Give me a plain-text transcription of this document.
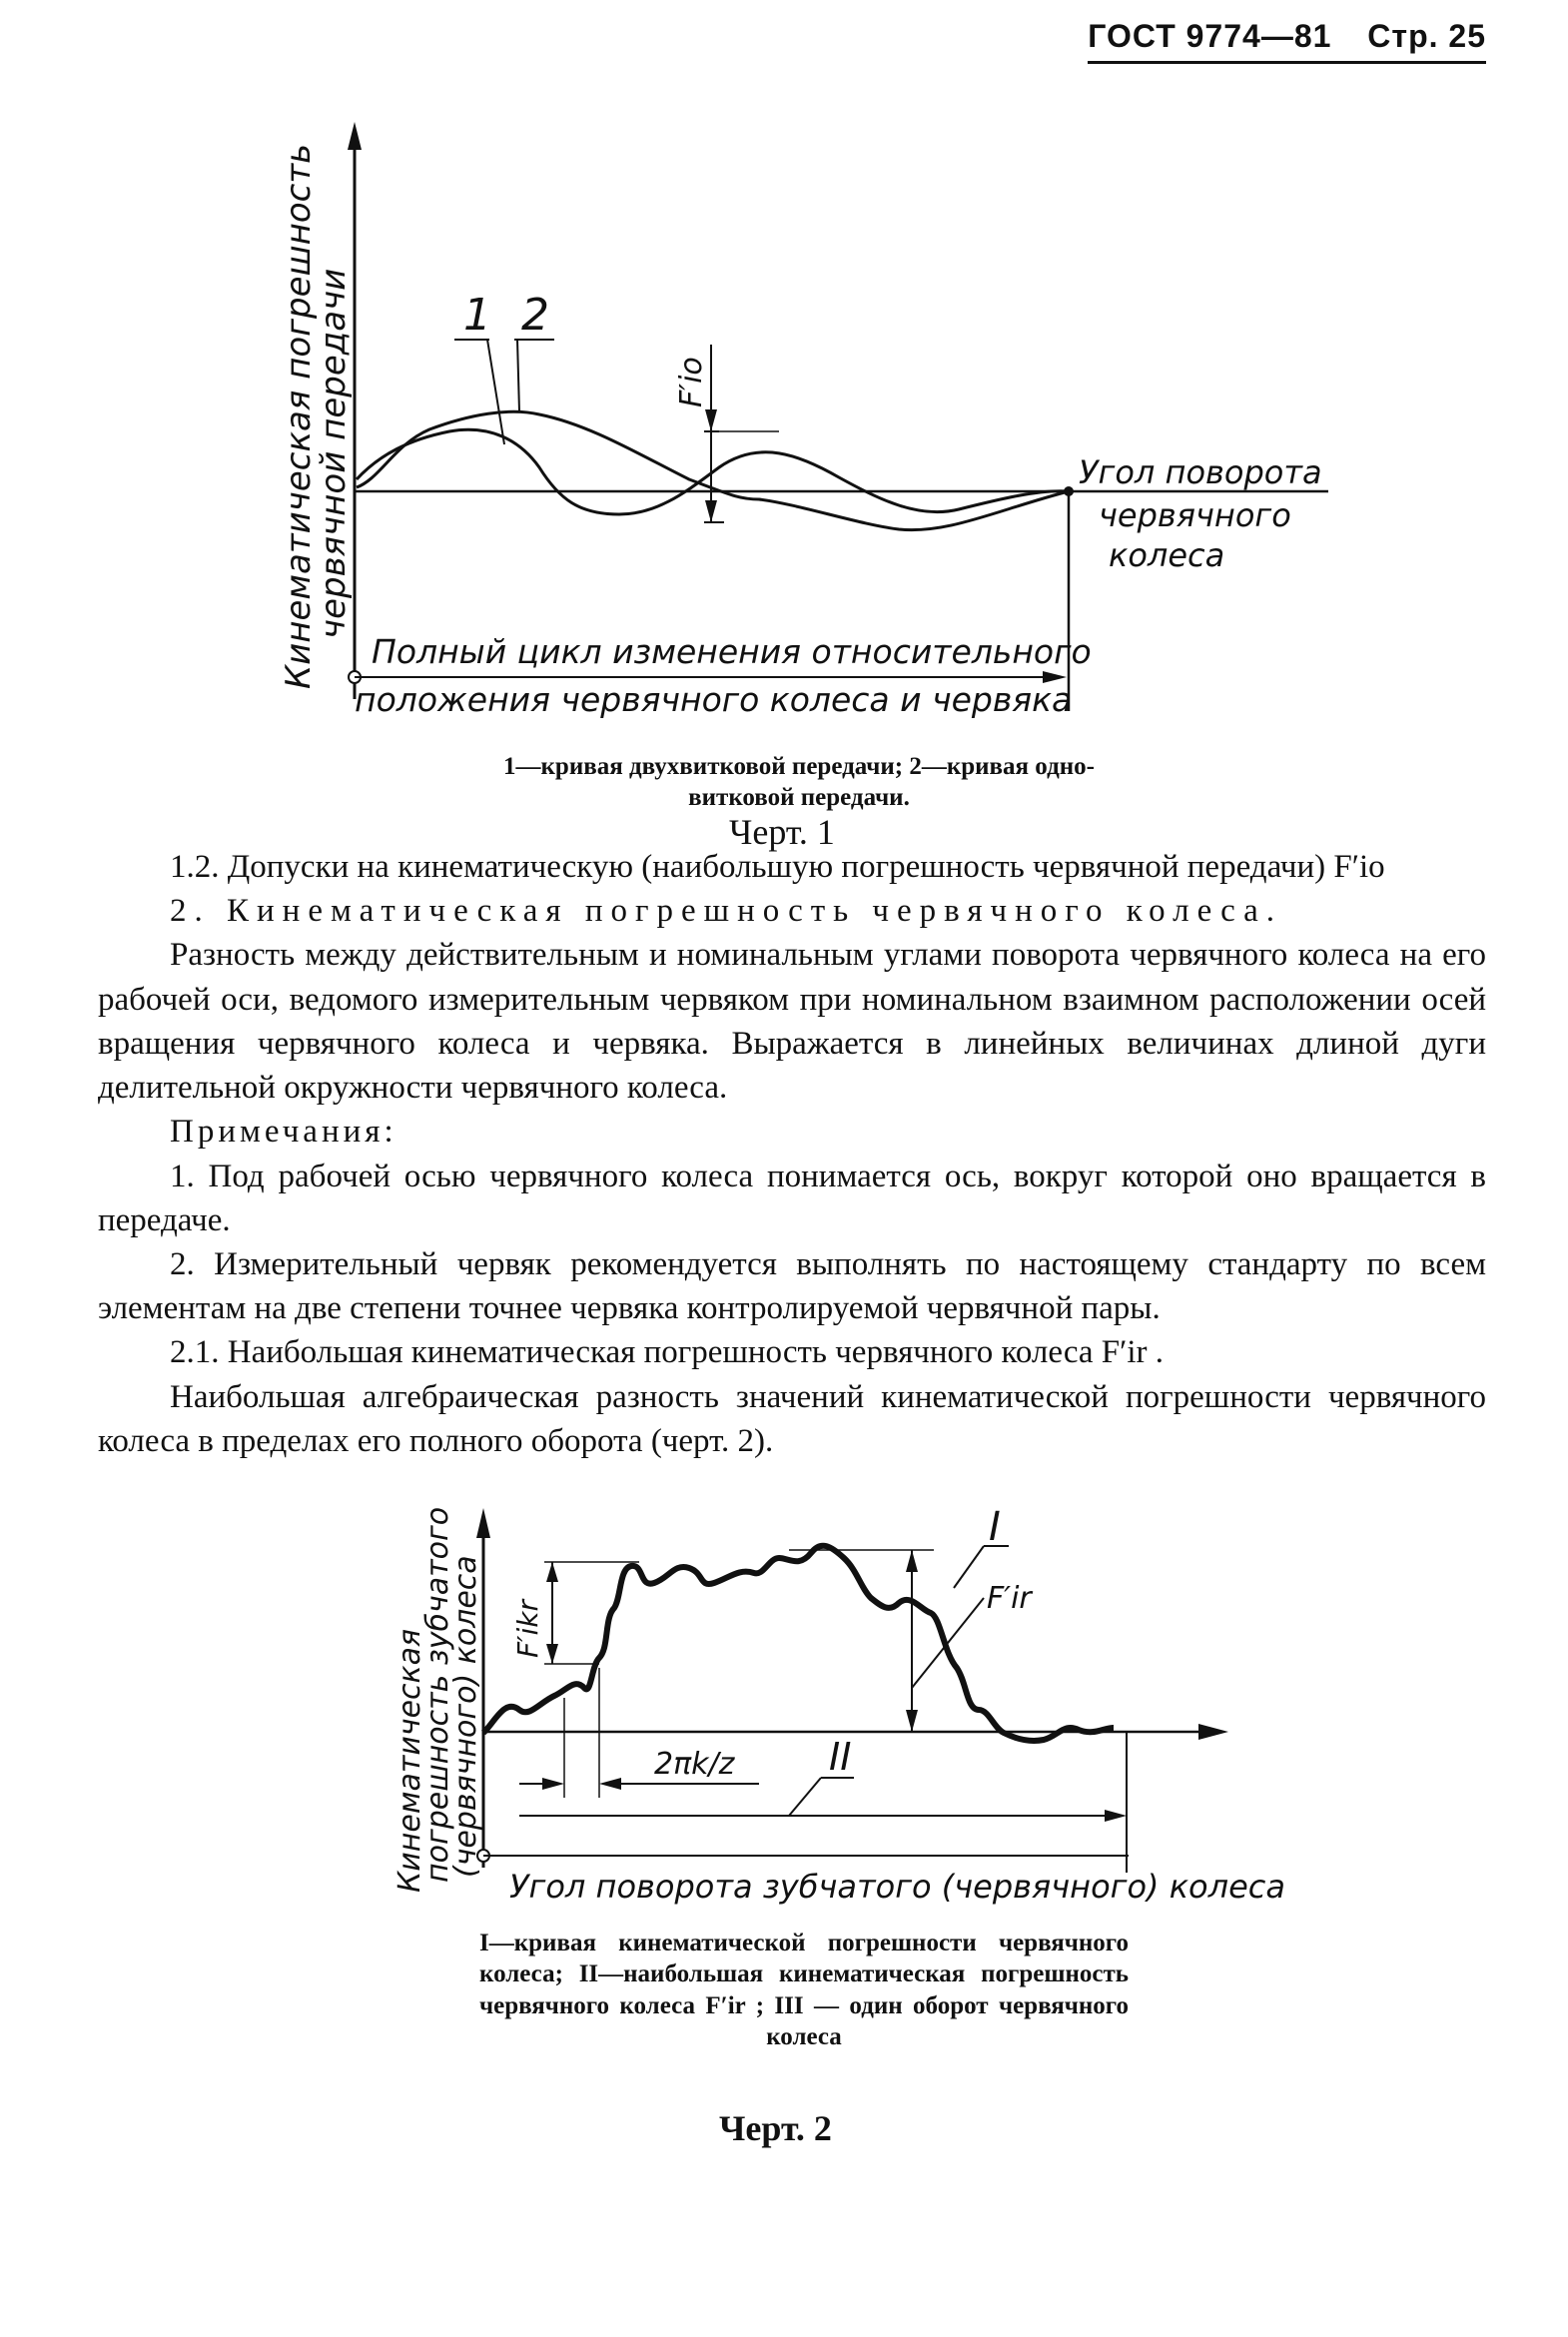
ГОСТ 9774—81 Стр. 25
1 2
F′io
Кинематическая погрешность
червячной передачи	Угол поворота
червячного
колеса
Полный цикл изменения относительного
положения червячного колеса и червяка
1—кривая двухвитковой передачи; 2—кривая одно-
витковой передачи.
Черт. 1

1.2. Допуски на кинематическую (наибольшую погрешность червячной передачи) F′io

2. Кинематическая погрешность червячного колеса.

Разность между действительным и номинальным углами поворота червячного колеса на его рабочей оси, ведомого измерительным червяком при номинальном взаимном расположении осей вращения червячного колеса и червяка. Выражается в линейных величинах длиной дуги делительной окружности червячного колеса.

Примечания:

1. Под рабочей осью червячного колеса понимается ось, вокруг которой оно вращается в передаче.

2. Измерительный червяк рекомендуется выполнять по настоящему стандарту по всем элементам на две степени точнее червяка контролируемой червячной пары.

2.1. Наибольшая кинематическая погрешность червячного колеса F′ir .

Наибольшая алгебраическая разность значений кинематической погрешности червячного колеса в пределах его полного оборота (черт. 2).

F′ikr
I
F′ir
2πk/z II
Угол поворота зубчатого (червячного) колеса
Кинематическая
погрешность зубчатого
(червячного) колеса
I—кривая кинематической погрешности червячного колеса; II—наибольшая кинематическая погрешность червячного колеса F′ir ; III — один оборот червячного колеса
Черт. 2
